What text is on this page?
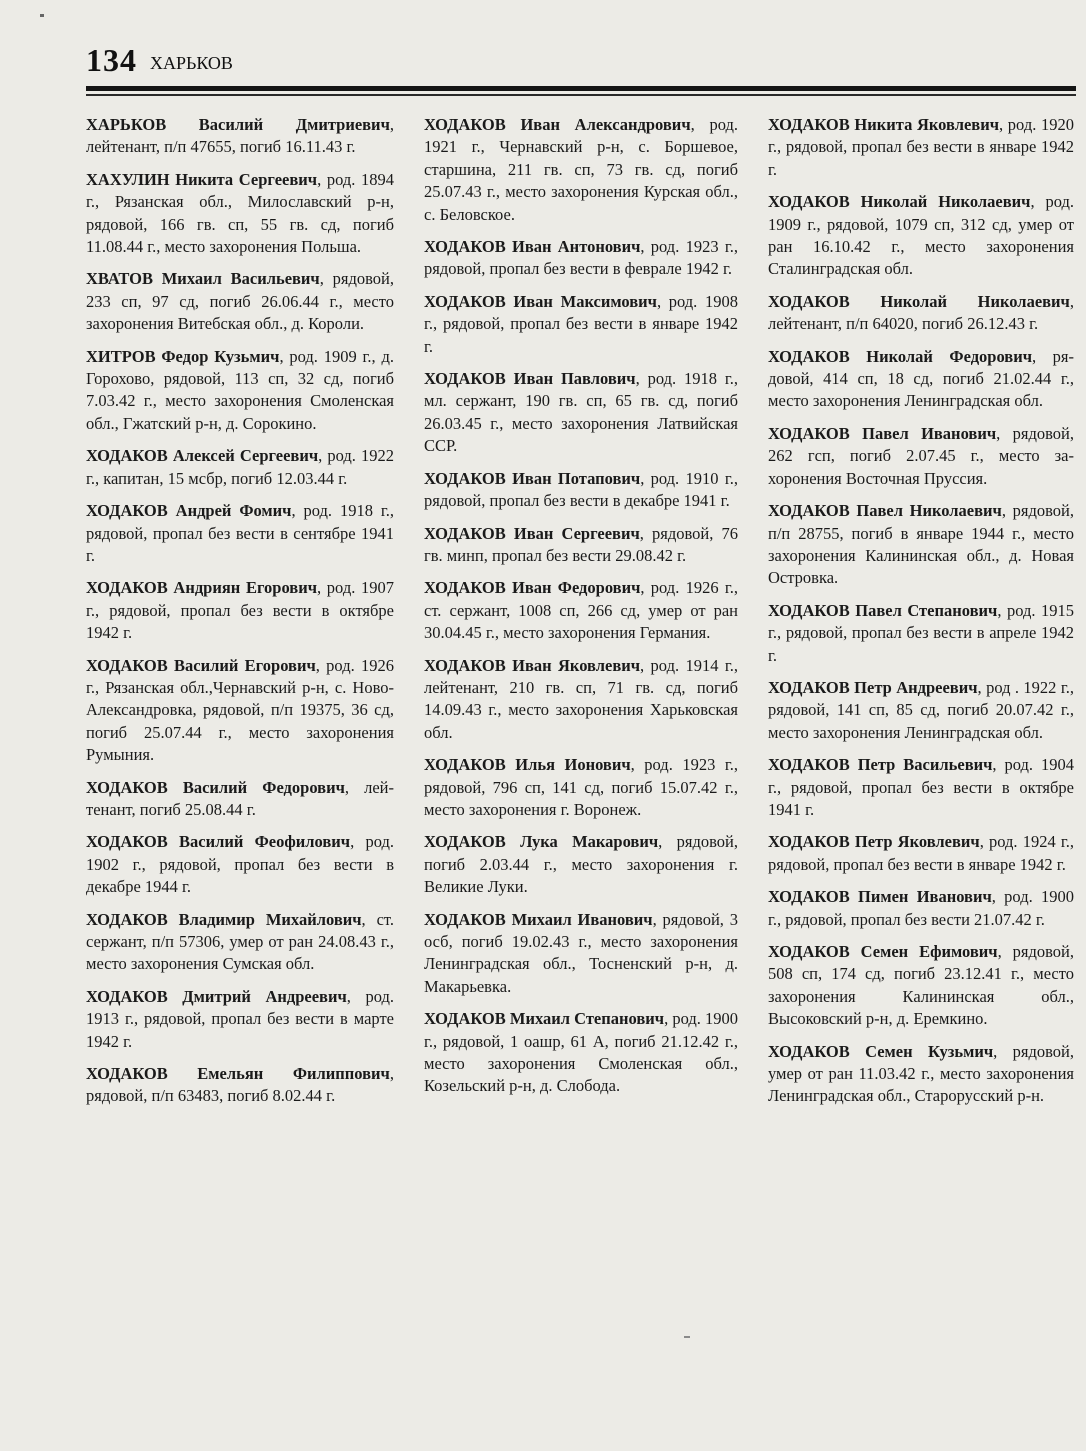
134 ХАРЬКОВ

ХАРЬКОВ Василий Дмитриевич, лейтенант, п/п 47655, погиб 16.11.43 г.

ХАХУЛИН Никита Сергеевич, род. 1894 г., Рязанская обл., Милославский р-н, рядовой, 166 гв. сп, 55 гв. сд, погиб 11.08.44 г., место захоронения Польша.

ХВАТОВ Михаил Васильевич, рядовой, 233 сп, 97 сд, погиб 26.06.44 г., место захоронения Витебская обл., д. Короли.

ХИТРОВ Федор Кузьмич, род. 1909 г., д. Горохово, рядовой, 113 сп, 32 сд, погиб 7.03.42 г., место захоронения Смоленская обл., Гжатский р-н, д. Сорокино.

ХОДАКОВ Алексей Сергеевич, род. 1922 г., капитан, 15 мсбр, погиб 12.03.44 г.

ХОДАКОВ Андрей Фомич, род. 1918 г., рядовой, пропал без вести в сентябре 1941 г.

ХОДАКОВ Андриян Егорович, род. 1907 г., рядовой, пропал без вести в октябре 1942 г.

ХОДАКОВ Василий Егорович, род. 1926 г., Рязанская обл.,Чернавский р-н, с. Ново-Александровка, рядовой, п/п 19375, 36 сд, погиб 25.07.44 г., место захоронения Румыния.

ХОДАКОВ Василий Федорович, лейтенант, погиб 25.08.44 г.

ХОДАКОВ Василий Феофилович, род. 1902 г., рядовой, пропал без вести в декабре 1944 г.

ХОДАКОВ Владимир Михайлович, ст. сержант, п/п 57306, умер от ран 24.08.43 г., место захоронения Сумская обл.

ХОДАКОВ Дмитрий Андреевич, род. 1913 г., рядовой, пропал без вести в марте 1942 г.

ХОДАКОВ Емельян Филиппович, рядовой, п/п 63483, погиб 8.02.44 г.

ХОДАКОВ Иван Александрович, род. 1921 г., Чернавский р-н, с. Боршевое, старшина, 211 гв. сп, 73 гв. сд, погиб 25.07.43 г., место захоронения Курская обл., с. Беловское.

ХОДАКОВ Иван Антонович, род. 1923 г., рядовой, пропал без вести в феврале 1942 г.

ХОДАКОВ Иван Максимович, род. 1908 г., рядовой, пропал без вести в январе 1942 г.

ХОДАКОВ Иван Павлович, род. 1918 г., мл. сержант, 190 гв. сп, 65 гв. сд, погиб 26.03.45 г., место захоронения Латвийская ССР.

ХОДАКОВ Иван Потапович, род. 1910 г., рядовой, пропал без вести в декабре 1941 г.

ХОДАКОВ Иван Сергеевич, рядовой, 76 гв. минп, пропал без вести 29.08.42 г.

ХОДАКОВ Иван Федорович, род. 1926 г., ст. сержант, 1008 сп, 266 сд, умер от ран 30.04.45 г., место захоронения Германия.

ХОДАКОВ Иван Яковлевич, род. 1914 г., лейтенант, 210 гв. сп, 71 гв. сд, погиб 14.09.43 г., место захоронения Харьковская обл.

ХОДАКОВ Илья Ионович, род. 1923 г., рядовой, 796 сп, 141 сд, погиб 15.07.42 г., место захоронения г. Воронеж.

ХОДАКОВ Лука Макарович, рядовой, погиб 2.03.44 г., место захоронения г. Великие Луки.

ХОДАКОВ Михаил Иванович, рядовой, 3 осб, погиб 19.02.43 г., место захоронения Ленинградская обл., Тосненский р-н, д. Макарьевка.

ХОДАКОВ Михаил Степанович, род. 1900 г., рядовой, 1 оашр, 61 А, погиб 21.12.42 г., место захоронения Смоленская обл., Козельский р-н, д. Слобода.

ХОДАКОВ Никита Яковлевич, род. 1920 г., рядовой, пропал без вести в январе 1942 г.

ХОДАКОВ Николай Николаевич, род. 1909 г., рядовой, 1079 сп, 312 сд, умер от ран 16.10.42 г., место захоронения Сталинградская обл.

ХОДАКОВ Николай Николаевич, лейтенант, п/п 64020, погиб 26.12.43 г.

ХОДАКОВ Николай Федорович, рядовой, 414 сп, 18 сд, погиб 21.02.44 г., место захоронения Ленинградская обл.

ХОДАКОВ Павел Иванович, рядовой, 262 гсп, погиб 2.07.45 г., место захоронения Восточная Пруссия.

ХОДАКОВ Павел Николаевич, рядовой, п/п 28755, погиб в январе 1944 г., место захоронения Калининская обл., д. Новая Островка.

ХОДАКОВ Павел Степанович, род. 1915 г., рядовой, пропал без вести в апреле 1942 г.

ХОДАКОВ Петр Андреевич, род . 1922 г., рядовой, 141 сп, 85 сд, погиб 20.07.42 г., место захоронения Ленинградская обл.

ХОДАКОВ Петр Васильевич, род. 1904 г., рядовой, пропал без вести в октябре 1941 г.

ХОДАКОВ Петр Яковлевич, род. 1924 г., рядовой, пропал без вести в январе 1942 г.

ХОДАКОВ Пимен Иванович, род. 1900 г., рядовой, пропал без вести 21.07.42 г.

ХОДАКОВ Семен Ефимович, рядовой, 508 сп, 174 сд, погиб 23.12.41 г., место захоронения Калининская обл., Высоковский р-н, д. Еремкино.

ХОДАКОВ Семен Кузьмич, рядовой, умер от ран 11.03.42 г., место захоронения Ленинградская обл., Старорусский р-н.
